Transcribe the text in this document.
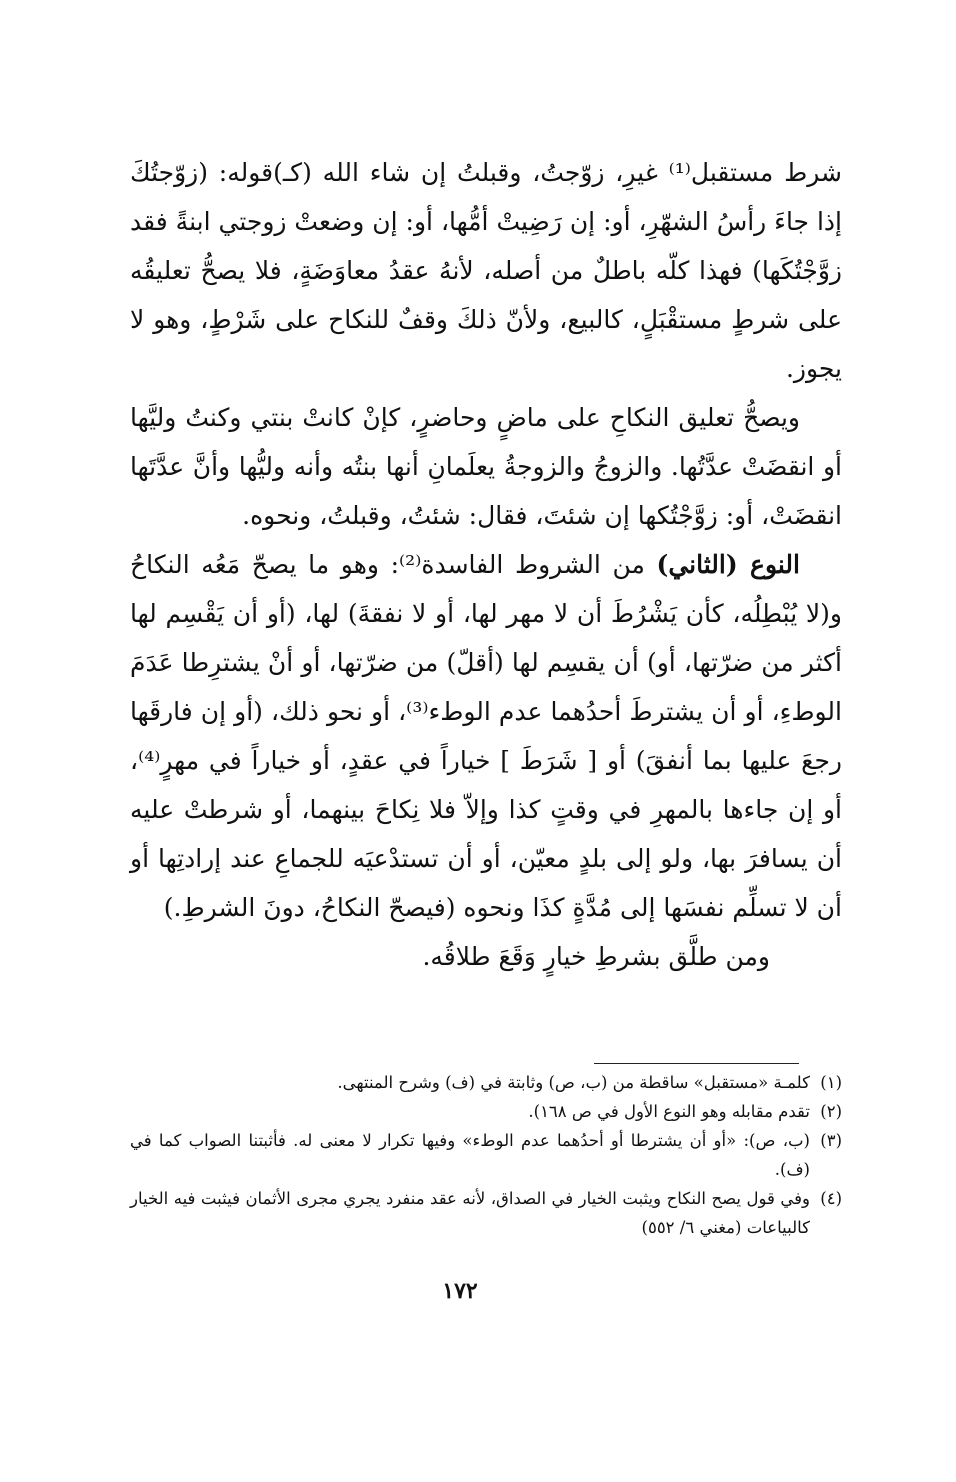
شرط مستقبل⁽¹⁾ غيرِ، زوّجتُ، وقبلتُ إن شاء الله (كـ)قوله: (زوّجتُكَ إذا جاءَ رأسُ الشهّرِ، أو: إن رَضِيتْ أمُّها، أو: إن وضعتْ زوجتي ابنةً فقد زوَّجْتُكَها) فهذا كلّه باطلٌ من أصله، لأنهُ عقدُ معاوَضَةٍ، فلا يصحُّ تعليقُه على شرطٍ مستقْبَلٍ، كالبيع، ولأنّ ذلكَ وقفٌ للنكاح على شَرْطٍ، وهو لا يجوز.

ويصحُّ تعليق النكاحِ على ماضٍ وحاضرٍ، كإنْ كانتْ بنتي وكنتُ وليَّها أو انقضَتْ عدَّتُها. والزوجُ والزوجةُ يعلَمانِ أنها بنتُه وأنه وليُّها وأنَّ عدَّتَها انقضَتْ، أو: زوَّجْتُكها إن شئتَ، فقال: شئتُ، وقبلتُ، ونحوه.

النوع (الثاني) من الشروط الفاسدة⁽²⁾: وهو ما يصحّ مَعُه النكاحُ و(لا يُبْطِلُه، كأن يَشْرُطَ أن لا مهر لها، أو لا نفقةَ) لها، (أو أن يَقْسِم لها أكثر من ضرّتها، أو) أن يقسِم لها (أقلّ) من ضرّتها، أو أنْ يشترِطا عَدَمَ الوطءِ، أو أن يشترطَ أحدُهما عدم الوطء⁽³⁾، أو نحو ذلك، (أو إن فارقَها رجعَ عليها بما أنفقَ) أو [ شَرَطَ ] خياراً في عقدٍ، أو خياراً في مهرٍ⁽⁴⁾، أو إن جاءها بالمهرِ في وقتٍ كذا وإلاّ فلا نِكاحَ بينهما، أو شرطتْ عليه أن يسافرَ بها، ولو إلى بلدٍ معيّن، أو أن تستدْعيَه للجماعِ عند إرادتِها أو أن لا تسلِّم نفسَها إلى مُدَّةٍ كذَا ونحوه (فيصحّ النكاحُ، دونَ الشرطِ.)

ومن طلَّق بشرطِ خيارٍ وَقَعَ طلاقُه.

(١)
كلمـة «مستقبل» ساقطة من (ب، ص) وثابتة في (ف) وشرح المنتهى.
(٢)
تقدم مقابله وهو النوع الأول في ص ١٦٨).
(٣)
(ب، ص): «أو أن يشترطا أو أحدُهما عدم الوطء» وفيها تكرار لا معنى له. فأثبتنا الصواب كما في (ف).
(٤)
وفي قول يصح النكاح ويثبت الخيار في الصداق، لأنه عقد منفرد يجري مجرى الأثمان فيثبت فيه الخيار كالبياعات (مغني ٦/ ٥٥٢)
١٧٢
